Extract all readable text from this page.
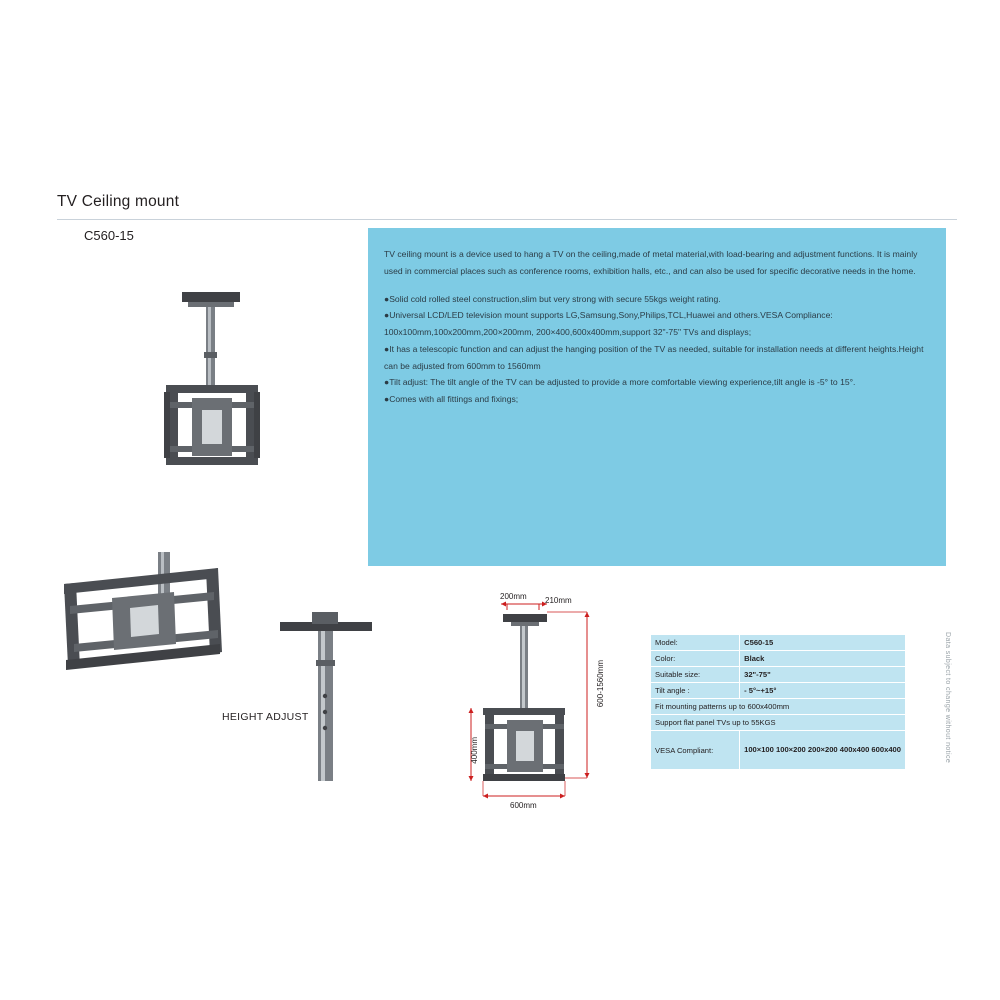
TV Ceiling mount
C560-15

TV ceiling mount is a device used to hang a TV on the ceiling,made of metal material,with load-bearing and adjustment functions. It is mainly used in commercial places such as conference rooms, exhibition halls, etc., and can also be used for specific decorative needs in the home.

●Solid cold rolled steel construction,slim but very strong with secure 55kgs weight rating.

●Universal LCD/LED television mount supports LG,Samsung,Sony,Philips,TCL,Huawei and others.VESA Compliance: 100x100mm,100x200mm,200×200mm, 200×400,600x400mm,support 32"-75" TVs and displays;

●It has a telescopic function and can adjust the hanging position of the TV as needed, suitable for installation needs at different heights.Height can be adjusted from 600mm to 1560mm

●Tilt adjust: The tilt angle of the TV can be adjusted to provide a more comfortable viewing experience,tilt angle is -5° to 15°.

●Comes with all fittings and fixings;

HEIGHT ADJUST
200mm 210mm
600-1560mm
400mm
600mm
Model:	C560-15
Color:	Black
Suitable size:	32"-75"
Tilt angle :	- 5°~+15°
Fit mounting patterns up to 600x400mm	
Support flat panel TVs up to 55KGS	
VESA Compliant:	100×100 100×200 200×200 400x400 600x400	Data subject to change without notice
